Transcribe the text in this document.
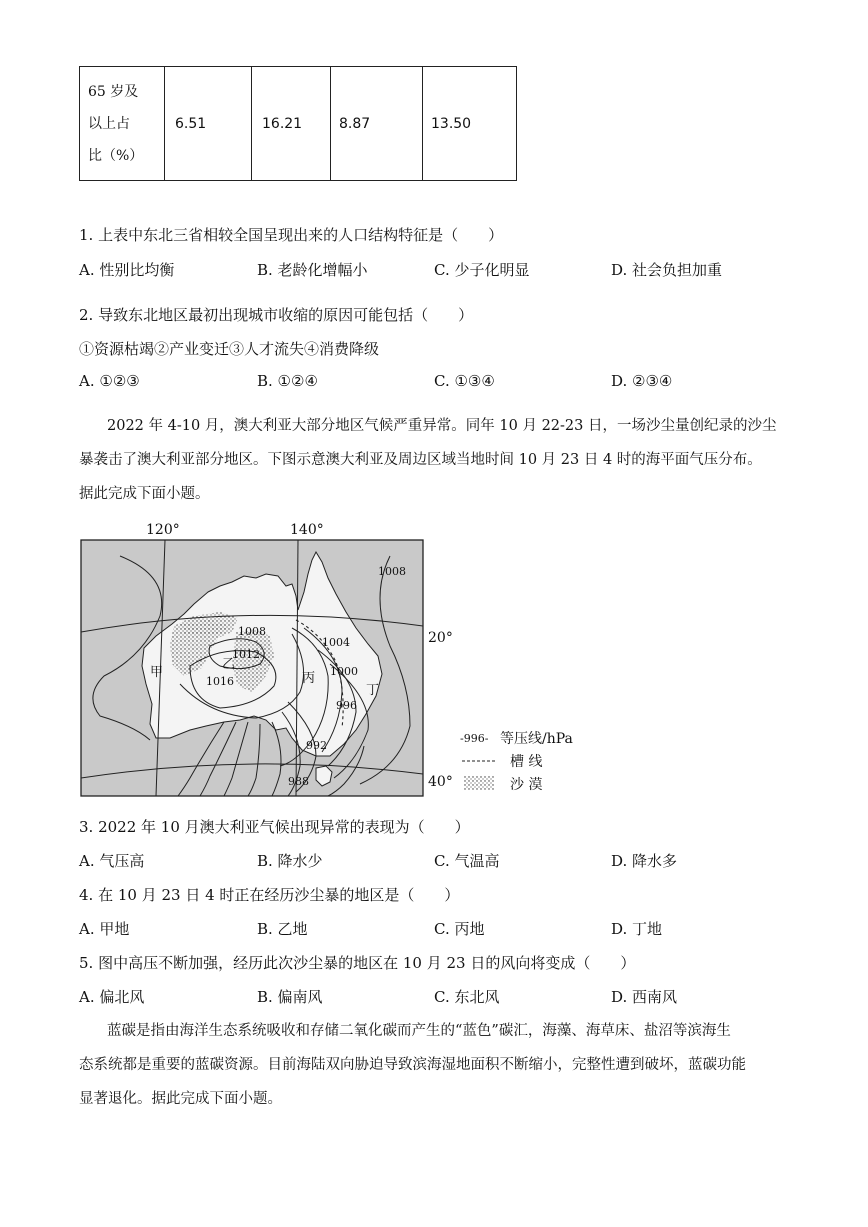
65 岁及
以上占
比（%）
	6.51	16.21	8.87	13.50
1. 上表中东北三省相较全国呈现出来的人口结构特征是（　　）
A. 性别比均衡	B. 老龄化增幅小	C. 少子化明显	D. 社会负担加重
2. 导致东北地区最初出现城市收缩的原因可能包括（　　）
①资源枯竭②产业变迁③人才流失④消费降级
A. ①②③	B. ①②④	C. ①③④	D. ②③④
2022 年 4-10 月，澳大利亚大部分地区气候严重异常。同年 10 月 22-23 日，一场沙尘量创纪录的沙尘
暴袭击了澳大利亚部分地区。下图示意澳大利亚及周边区域当地时间 10 月 23 日 4 时的海平面气压分布。
据此完成下面小题。
1008
1008
1012
1016
1004
1000
996
992
988
甲
乙
丙
丁
120°	140°
20°
40°
-996- 等压线/hPa
槽 线
沙 漠
3. 2022 年 10 月澳大利亚气候出现异常的表现为（　　）
A. 气压高	B. 降水少	C. 气温高	D. 降水多
4. 在 10 月 23 日 4 时正在经历沙尘暴的地区是（　　）
A. 甲地	B. 乙地	C. 丙地	D. 丁地
5. 图中高压不断加强，经历此次沙尘暴的地区在 10 月 23 日的风向将变成（　　）
A. 偏北风	B. 偏南风	C. 东北风	D. 西南风
蓝碳是指由海洋生态系统吸收和存储二氧化碳而产生的“蓝色”碳汇，海藻、海草床、盐沼等滨海生
态系统都是重要的蓝碳资源。目前海陆双向胁迫导致滨海湿地面积不断缩小，完整性遭到破坏，蓝碳功能
显著退化。据此完成下面小题。
